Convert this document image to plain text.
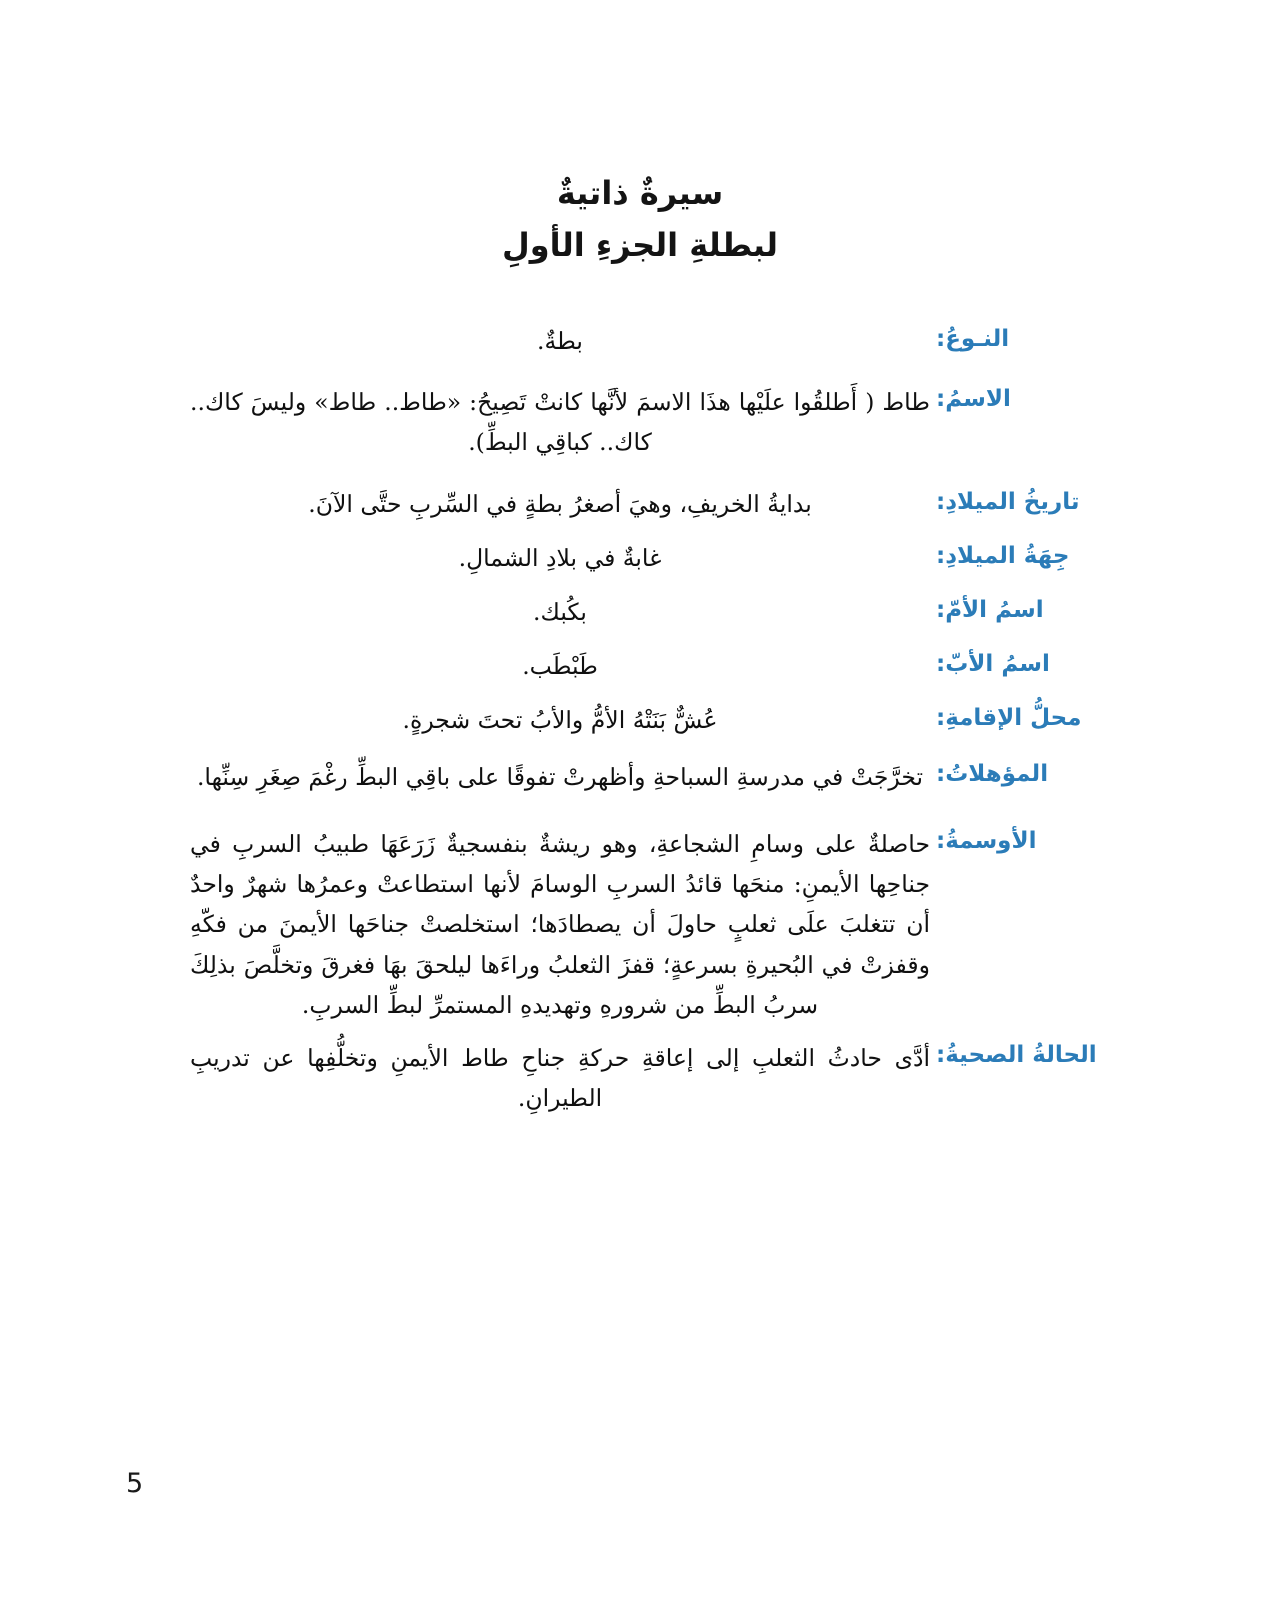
سيرةٌ ذاتيةٌ
لبطلةِ الجزءِ الأولِ
النـوعُ:
بطةٌ.
الاسمُ:
طاط ( أَطلقُوا علَيْها هذَا الاسمَ لأنَّها كانتْ تَصِيحُ: «طاط.. طاط» وليسَ كاك.. كاك.. كباقِي البطِّ).
تاريخُ الميلادِ:
بدايةُ الخريفِ، وهيَ أصغرُ بطةٍ في السِّربِ حتَّى الآنَ.
جِهَةُ الميلادِ:
غابةٌ في بلادِ الشمالِ.
اسمُ الأمّ:
بكُبك.
اسمُ الأبّ:
طَبْطَب.
محلُّ الإقامةِ:
عُشٌّ بَنَتْهُ الأمُّ والأبُ تحتَ شجرةٍ.
المؤهلاتُ:
تخرَّجَتْ في مدرسةِ السباحةِ وأظهرتْ تفوقًا على باقِي البطِّ رغْمَ صِغَرِ سِنِّها.
الأوسمةُ:
حاصلةٌ على وسامِ الشجاعةِ، وهو ريشةٌ بنفسجيةٌ زَرَعَهَا طبيبُ السربِ في جناحِها الأيمنِ: منحَها قائدُ السربِ الوسامَ لأنها استطاعتْ وعمرُها شهرٌ واحدٌ أن تتغلبَ علَى ثعلبٍ حاولَ أن يصطادَها؛ استخلصتْ جناحَها الأيمنَ من فكّهِ وقفزتْ في البُحيرةِ بسرعةٍ؛ قفزَ الثعلبُ وراءَها ليلحقَ بهَا فغرقَ وتخلَّصَ بذلِكَ سربُ البطِّ من شرورهِ وتهديدهِ المستمرِّ لبطِّ السربِ.
الحالةُ الصحيةُ:
أدَّى حادثُ الثعلبِ إلى إعاقةِ حركةِ جناحِ طاط الأيمنِ وتخلُّفِها عن تدريبِ الطيرانِ.
5
